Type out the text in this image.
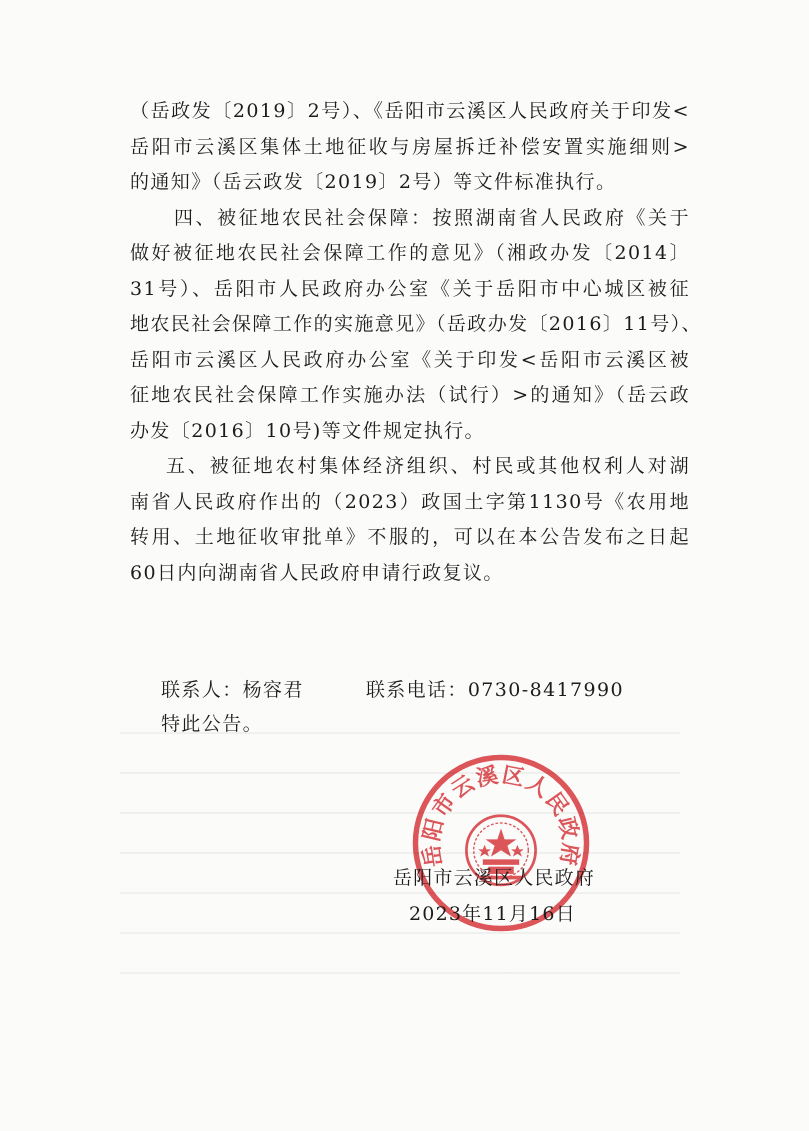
（岳政发〔2019〕2号）、《岳阳市云溪区人民政府关于印发<
岳阳市云溪区集体土地征收与房屋拆迁补偿安置实施细则>
的通知》（岳云政发〔2019〕2号）等文件标准执行。
四、被征地农民社会保障：按照湖南省人民政府《关于
做好被征地农民社会保障工作的意见》（湘政办发〔2014〕
31号）、岳阳市人民政府办公室《关于岳阳市中心城区被征
地农民社会保障工作的实施意见》（岳政办发〔2016〕11号）、
岳阳市云溪区人民政府办公室《关于印发<岳阳市云溪区被
征地农民社会保障工作实施办法（试行）>的通知》（岳云政
办发〔2016〕10号)等文件规定执行。
五、被征地农村集体经济组织、村民或其他权利人对湖
南省人民政府作出的（2023）政国土字第1130号《农用地
转用、土地征收审批单》不服的，可以在本公告发布之日起
60日内向湖南省人民政府申请行政复议。
联系人：杨容君	联系电话：0730-8417990
特此公告。
岳阳市云溪区人民政府
岳阳市云溪区人民政府
2023年11月16日
